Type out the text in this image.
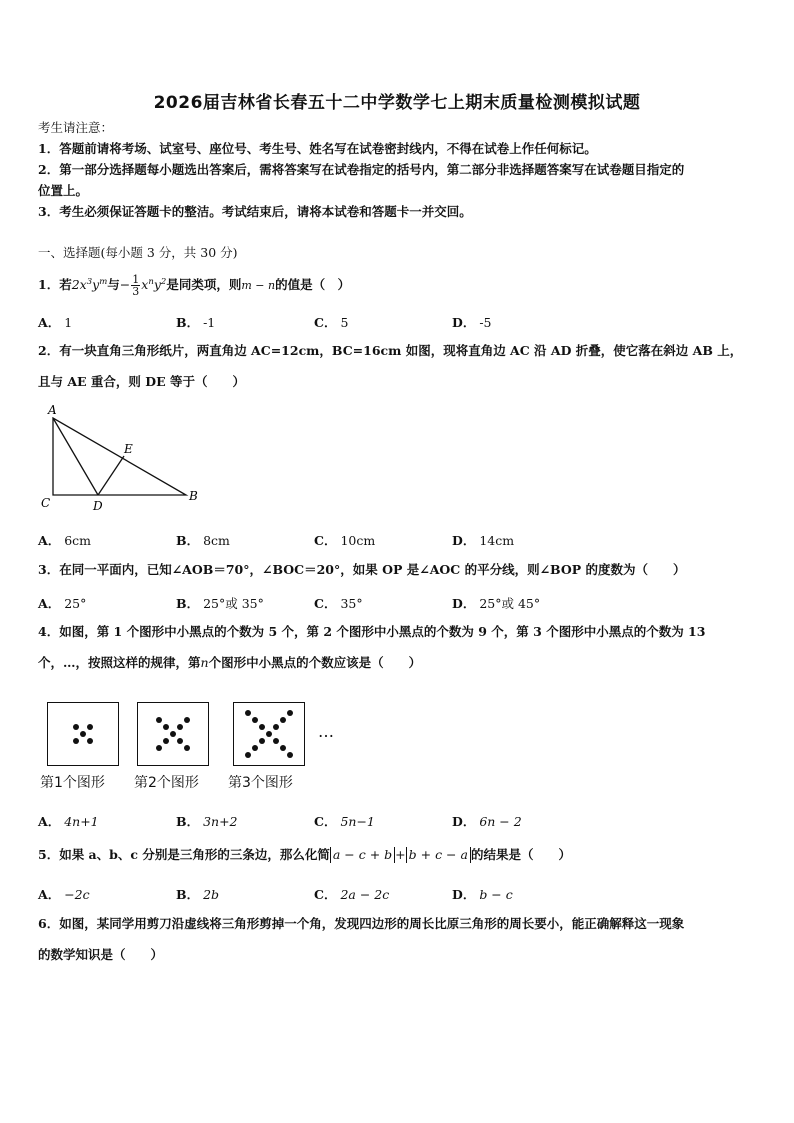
2026届吉林省长春五十二中学数学七上期末质量检测模拟试题
考生请注意：
1．答题前请将考场、试室号、座位号、考生号、姓名写在试卷密封线内，不得在试卷上作任何标记。
2．第一部分选择题每小题选出答案后，需将答案写在试卷指定的括号内，第二部分非选择题答案写在试卷题目指定的
位置上。
3．考生必须保证答题卡的整洁。考试结束后，请将本试卷和答题卡一并交回。
一、选择题(每小题 3 分，共 30 分)
1．若$2x^3y^m$与− $\frac{1}{3} x^ny^2$是同类项，则m − n的值是（　）
A． 1	B． -1	C． 5	D． -5
2．有一块直角三角形纸片，两直角边 AC=12cm，BC=16cm 如图，现将直角边 AC 沿 AD 折叠，使它落在斜边 AB 上，
且与 AE 重合，则 DE 等于（　　）
A
C	D
B
E
A． 6cm	B． 8cm	C． 10cm	D． 14cm
3．在同一平面内，已知∠AOB＝70°，∠BOC＝20°，如果 OP 是∠AOC 的平分线，则∠BOP 的度数为（　　）
A． 25°	B． 25°或 35°	C． 35°	D． 25°或 45°
4．如图，第 1 个图形中小黑点的个数为 5 个，第 2 个图形中小黑点的个数为 9 个，第 3 个图形中小黑点的个数为 13
个，…，按照这样的规律，第n个图形中小黑点的个数应该是（　　）
…
第1个图形 第2个图形 第3个图形
A． 4n+1	B． 3n+2	C． 5n−1	D． 6n − 2
5．如果 a、b、c 分别是三角形的三条边，那么化简 a − c + b + b + c − a 的结果是（　　）
A． −2c	B． 2b	C． 2a − 2c	D． b − c
6．如图，某同学用剪刀沿虚线将三角形剪掉一个角，发现四边形的周长比原三角形的周长要小，能正确解释这一现象
的数学知识是（　　）
